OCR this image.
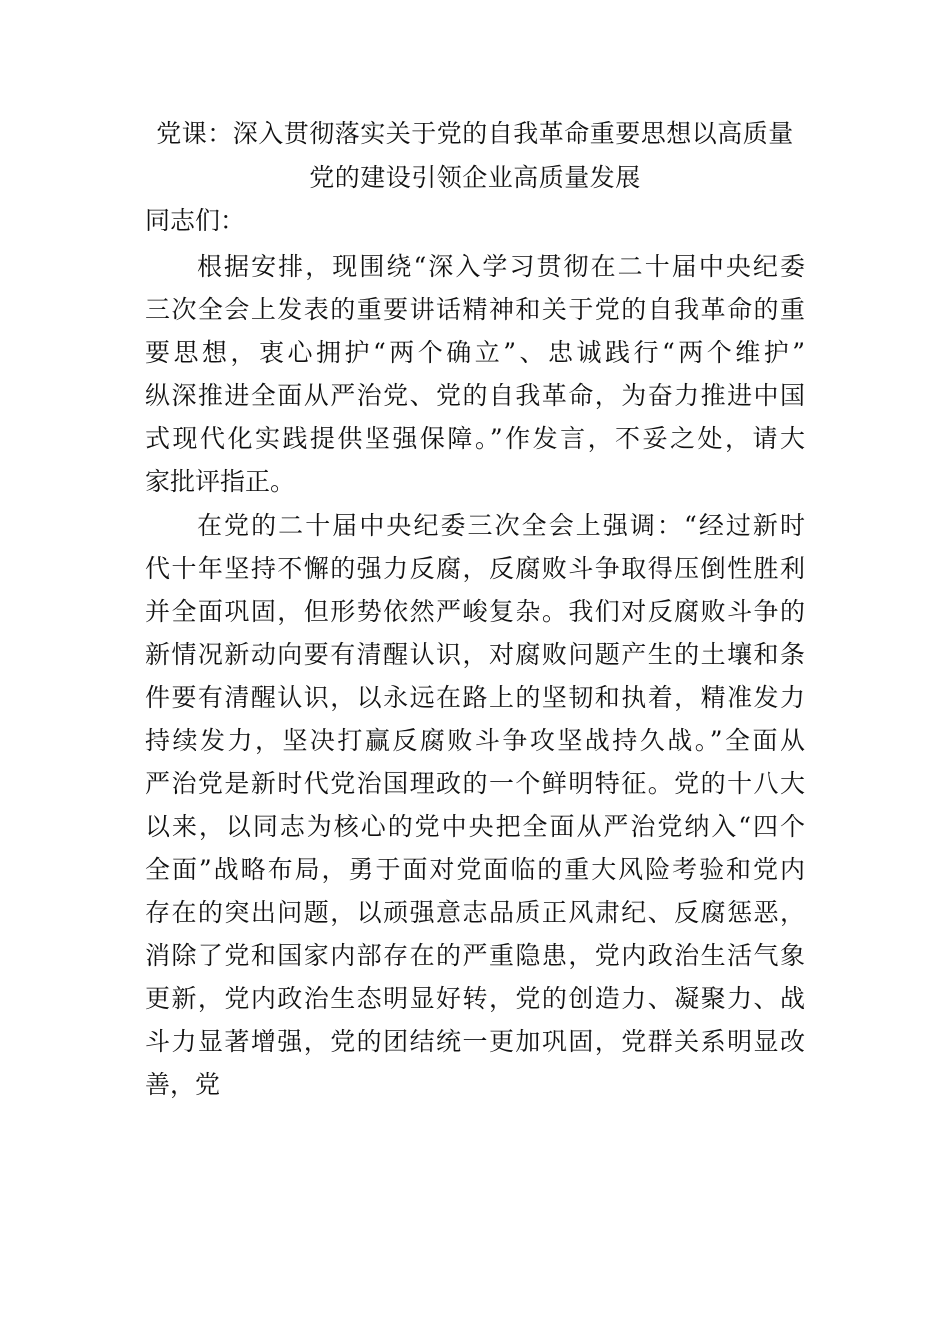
党课：深入贯彻落实关于党的自我革命重要思想以高质量
党的建设引领企业高质量发展
同志们：
根据安排，现围绕“深入学习贯彻在二十届中央纪委
三次全会上发表的重要讲话精神和关于党的自我革命的重
要思想，衷心拥护“两个确立”、忠诚践行“两个维护”
纵深推进全面从严治党、党的自我革命，为奋力推进中国
式现代化实践提供坚强保障。”作发言，不妥之处，请大
家批评指正。
在党的二十届中央纪委三次全会上强调：“经过新时
代十年坚持不懈的强力反腐，反腐败斗争取得压倒性胜利
并全面巩固，但形势依然严峻复杂。我们对反腐败斗争的
新情况新动向要有清醒认识，对腐败问题产生的土壤和条
件要有清醒认识，以永远在路上的坚韧和执着，精准发力
持续发力，坚决打赢反腐败斗争攻坚战持久战。”全面从
严治党是新时代党治国理政的一个鲜明特征。党的十八大
以来，以同志为核心的党中央把全面从严治党纳入“四个
全面”战略布局，勇于面对党面临的重大风险考验和党内
存在的突出问题，以顽强意志品质正风肃纪、反腐惩恶，
消除了党和国家内部存在的严重隐患，党内政治生活气象
更新，党内政治生态明显好转，党的创造力、凝聚力、战
斗力显著增强，党的团结统一更加巩固，党群关系明显改
善，党
